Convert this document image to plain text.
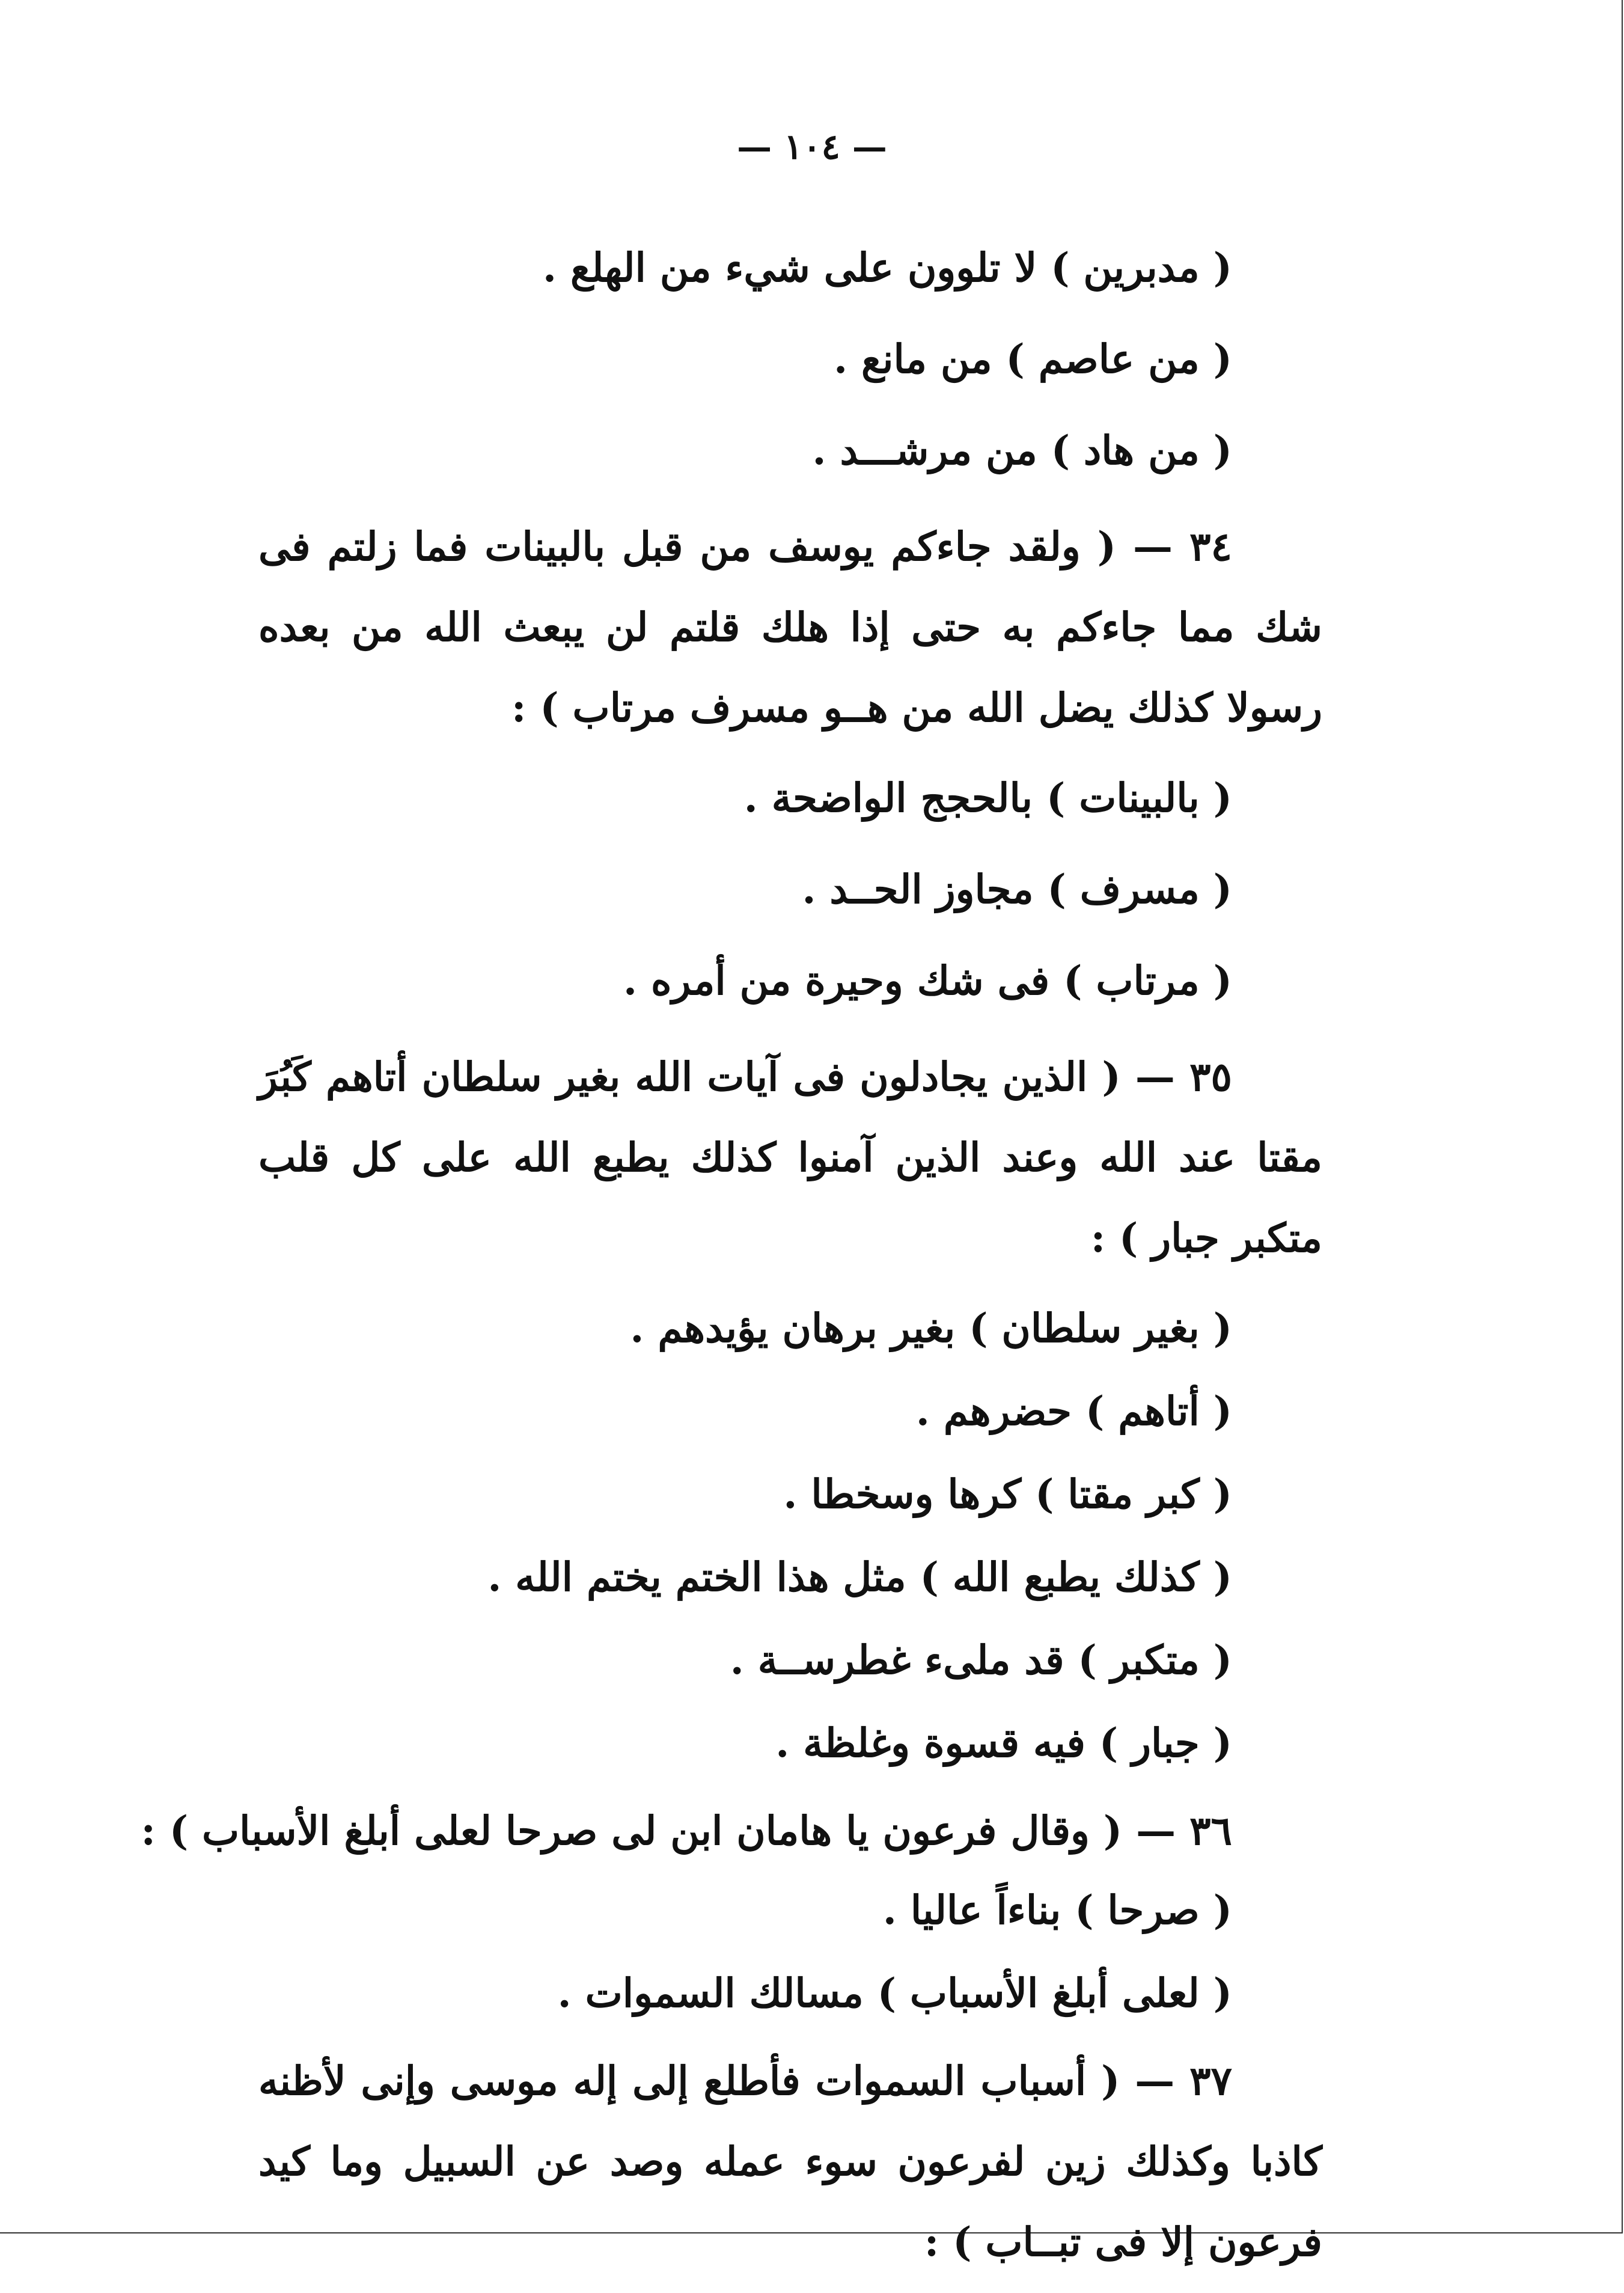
— ١٠٤ —

( مدبرين ) لا تلوون على شيء من الهلع .

( من عاصم ) من مانع .

( من هاد ) من مرشـــد .

٣٤ — ( ولقد جاءكم يوسف من قبل بالبينات فما زلتم فى شك مما جاءكم به حتى إذا هلك قلتم لن يبعث الله من بعده رسولا كذلك يضل الله من هــو مسرف مرتاب ) :

( بالبينات ) بالحجج الواضحة .

( مسرف ) مجاوز الحــد .

( مرتاب ) فى شك وحيرة من أمره .

٣٥ — ( الذين يجادلون فى آيات الله بغير سلطان أتاهم كَبُرَ مقتا عند الله وعند الذين آمنوا كذلك يطبع الله على كل قلب متكبر جبار ) :

( بغير سلطان ) بغير برهان يؤيدهم .

( أتاهم ) حضرهم .

( كبر مقتا ) كرها وسخطا .

( كذلك يطبع الله ) مثل هذا الختم يختم الله .

( متكبر ) قد ملىء غطرســة .

( جبار ) فيه قسوة وغلظة .

٣٦ — ( وقال فرعون يا هامان ابن لى صرحا لعلى أبلغ الأسباب ) :

( صرحا ) بناءاً عاليا .

( لعلى أبلغ الأسباب ) مسالك السموات .

٣٧ — ( أسباب السموات فأطلع إلى إله موسى وإنى لأظنه كاذبا وكذلك زين لفرعون سوء عمله وصد عن السبيل وما كيد فرعون إلا فى تبــاب ) :
